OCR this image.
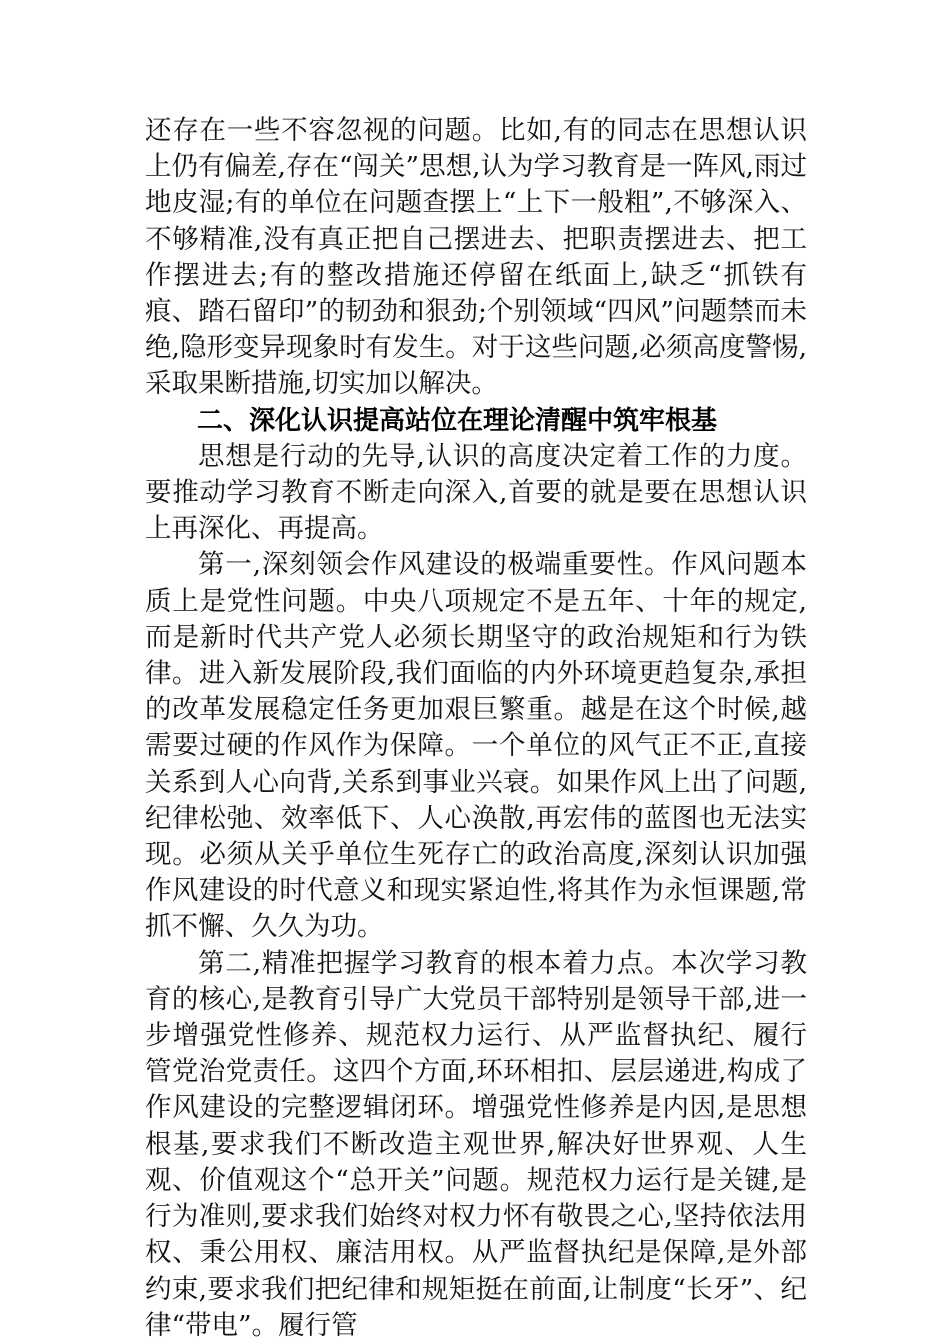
还存在一些不容忽视的问题。比如,有的同志在思想认识上仍有偏差,存在“闯关”思想,认为学习教育是一阵风,雨过地皮湿;有的单位在问题查摆上“上下一般粗”,不够深入、不够精准,没有真正把自己摆进去、把职责摆进去、把工作摆进去;有的整改措施还停留在纸面上,缺乏“抓铁有痕、踏石留印”的韧劲和狠劲;个别领域“四风”问题禁而未绝,隐形变异现象时有发生。对于这些问题,必须高度警惕,采取果断措施,切实加以解决。

二、深化认识提高站位在理论清醒中筑牢根基

思想是行动的先导,认识的高度决定着工作的力度。要推动学习教育不断走向深入,首要的就是要在思想认识上再深化、再提高。

第一,深刻领会作风建设的极端重要性。作风问题本质上是党性问题。中央八项规定不是五年、十年的规定,而是新时代共产党人必须长期坚守的政治规矩和行为铁律。进入新发展阶段,我们面临的内外环境更趋复杂,承担的改革发展稳定任务更加艰巨繁重。越是在这个时候,越需要过硬的作风作为保障。一个单位的风气正不正,直接关系到人心向背,关系到事业兴衰。如果作风上出了问题,纪律松弛、效率低下、人心涣散,再宏伟的蓝图也无法实现。必须从关乎单位生死存亡的政治高度,深刻认识加强作风建设的时代意义和现实紧迫性,将其作为永恒课题,常抓不懈、久久为功。

第二,精准把握学习教育的根本着力点。本次学习教育的核心,是教育引导广大党员干部特别是领导干部,进一步增强党性修养、规范权力运行、从严监督执纪、履行管党治党责任。这四个方面,环环相扣、层层递进,构成了作风建设的完整逻辑闭环。增强党性修养是内因,是思想根基,要求我们不断改造主观世界,解决好世界观、人生观、价值观这个“总开关”问题。规范权力运行是关键,是行为准则,要求我们始终对权力怀有敬畏之心,坚持依法用权、秉公用权、廉洁用权。从严监督执纪是保障,是外部约束,要求我们把纪律和规矩挺在前面,让制度“长牙”、纪律“带电”。履行管
